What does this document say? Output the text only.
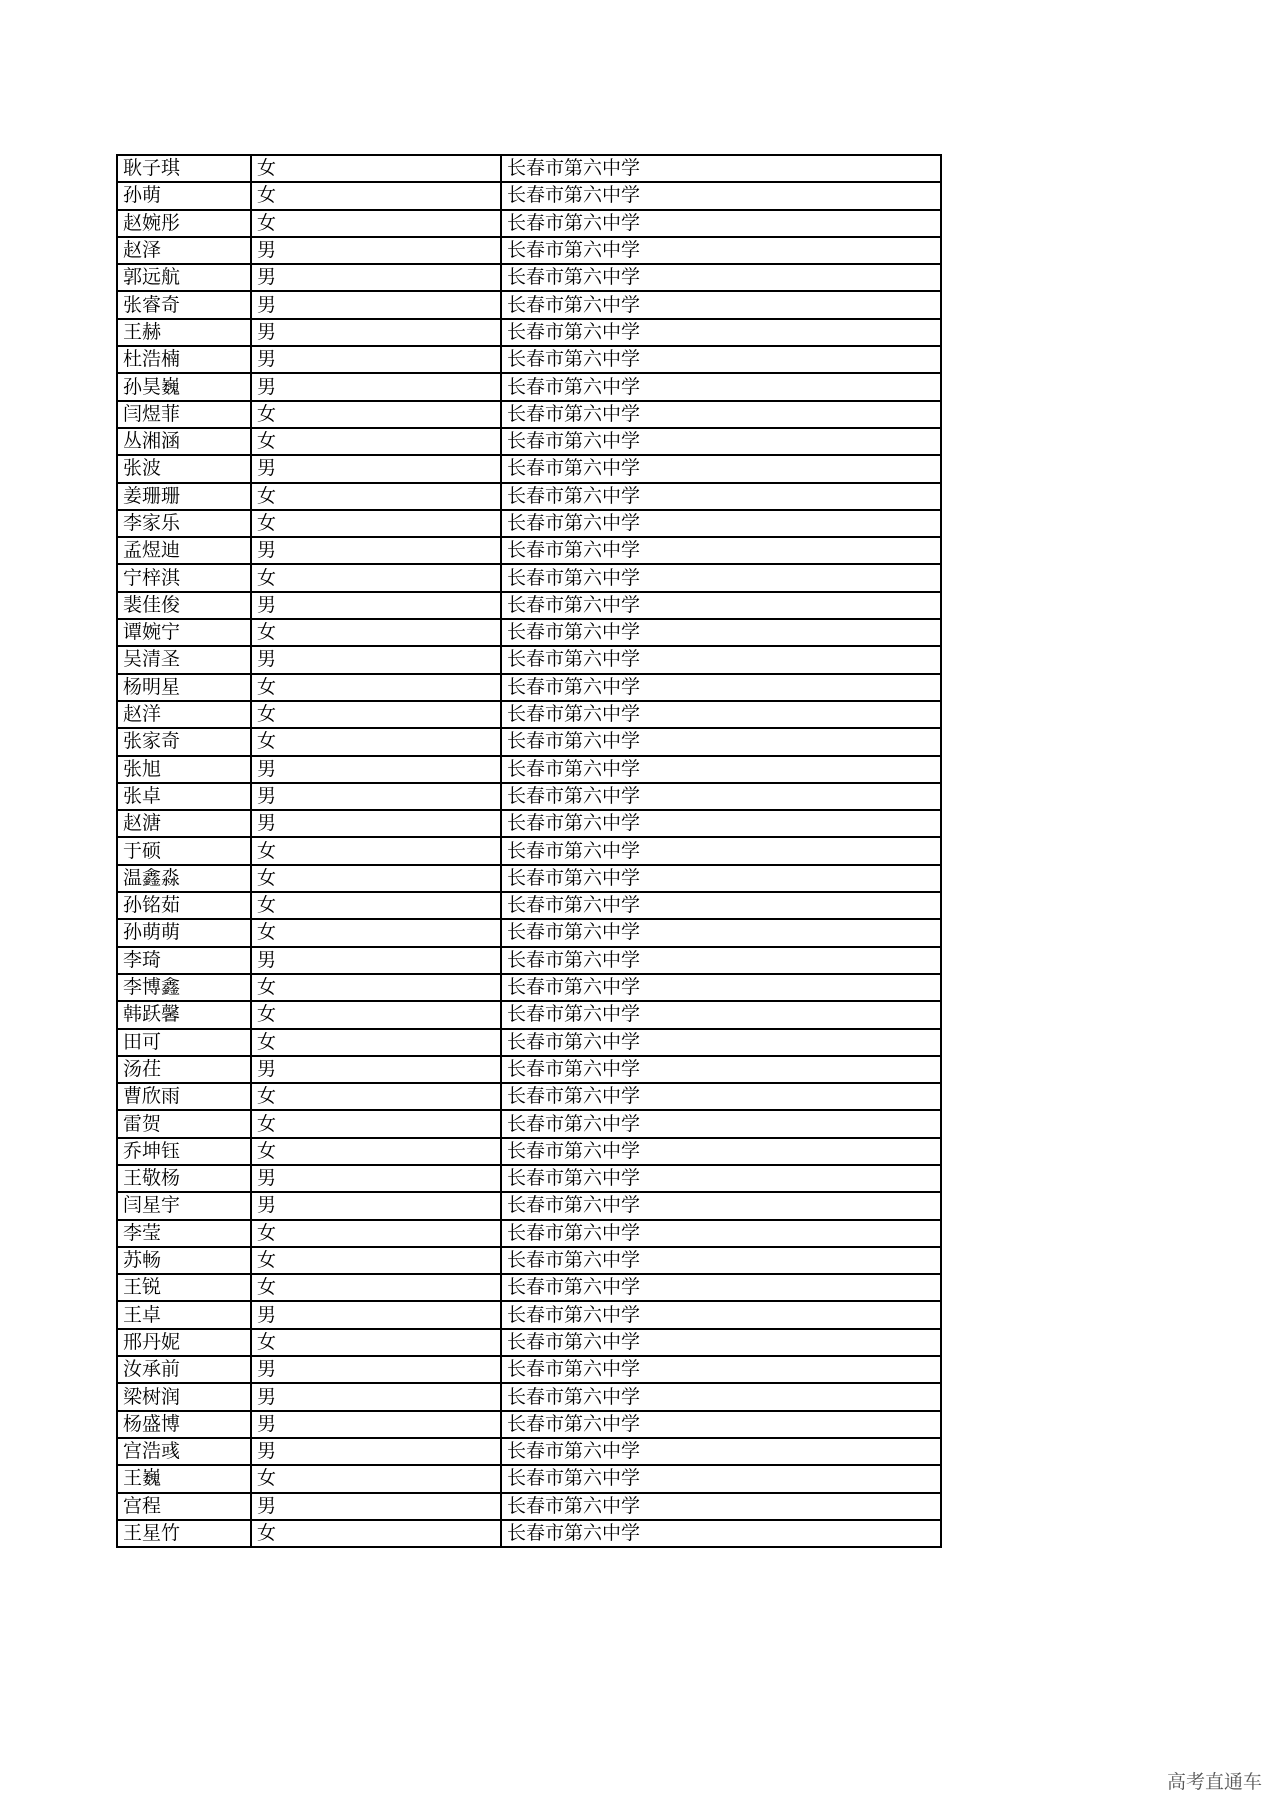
耿子琪	女	长春市第六中学
孙萌	女	长春市第六中学
赵婉彤	女	长春市第六中学
赵泽	男	长春市第六中学
郭远航	男	长春市第六中学
张睿奇	男	长春市第六中学
王赫	男	长春市第六中学
杜浩楠	男	长春市第六中学
孙昊巍	男	长春市第六中学
闫煜菲	女	长春市第六中学
丛湘涵	女	长春市第六中学
张波	男	长春市第六中学
姜珊珊	女	长春市第六中学
李家乐	女	长春市第六中学
孟煜迪	男	长春市第六中学
宁梓淇	女	长春市第六中学
裴佳俊	男	长春市第六中学
谭婉宁	女	长春市第六中学
吴清圣	男	长春市第六中学
杨明星	女	长春市第六中学
赵洋	女	长春市第六中学
张家奇	女	长春市第六中学
张旭	男	长春市第六中学
张卓	男	长春市第六中学
赵溏	男	长春市第六中学
于硕	女	长春市第六中学
温鑫淼	女	长春市第六中学
孙铭茹	女	长春市第六中学
孙萌萌	女	长春市第六中学
李琦	男	长春市第六中学
李博鑫	女	长春市第六中学
韩跃馨	女	长春市第六中学
田可	女	长春市第六中学
汤茌	男	长春市第六中学
曹欣雨	女	长春市第六中学
雷贺	女	长春市第六中学
乔坤钰	女	长春市第六中学
王敬杨	男	长春市第六中学
闫星宇	男	长春市第六中学
李莹	女	长春市第六中学
苏畅	女	长春市第六中学
王锐	女	长春市第六中学
王卓	男	长春市第六中学
邢丹妮	女	长春市第六中学
汝承前	男	长春市第六中学
梁树润	男	长春市第六中学
杨盛博	男	长春市第六中学
宫浩彧	男	长春市第六中学
王巍	女	长春市第六中学
宫程	男	长春市第六中学
王星竹	女	长春市第六中学
高考直通车
